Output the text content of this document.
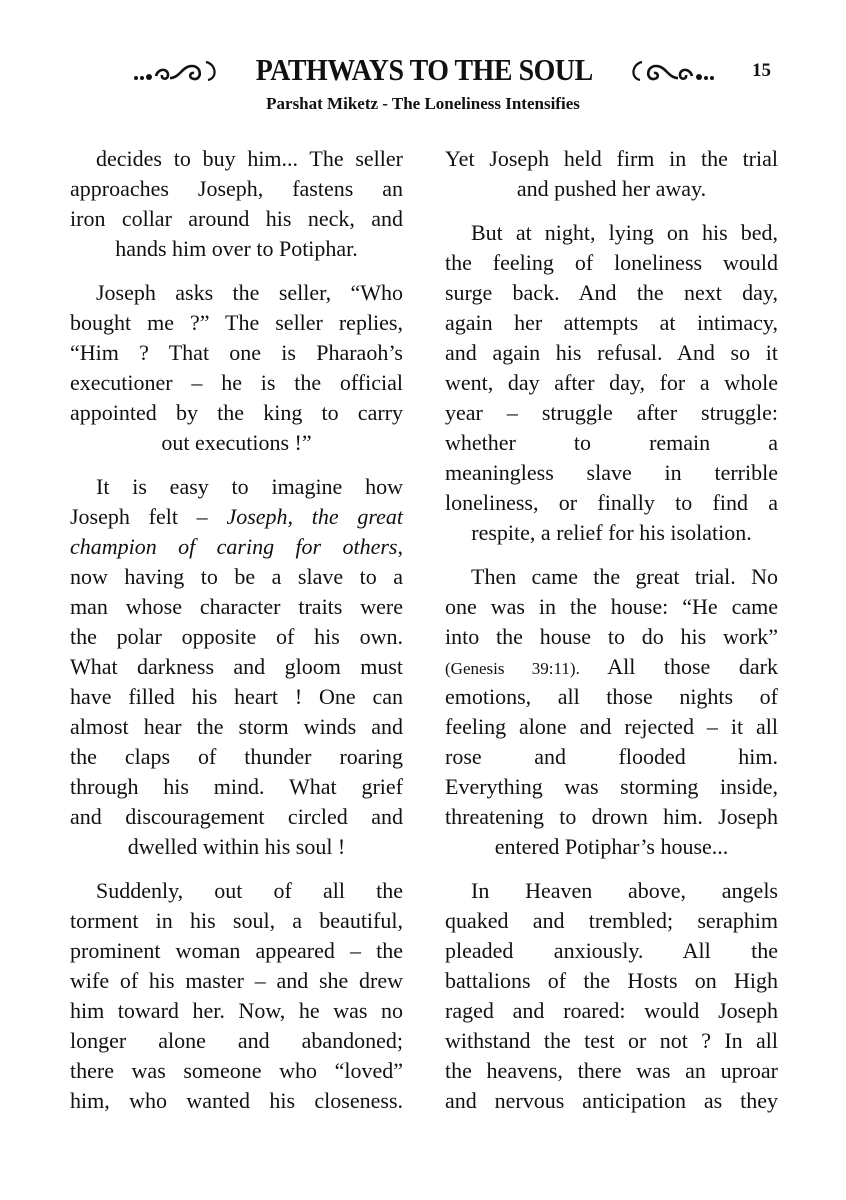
PATHWAYS TO THE SOUL	15
Parshat Miketz - The Loneliness Intensifies
decides to buy him... The seller
approaches Joseph, fastens an
iron collar around his neck, and
hands him over to Potiphar.
Joseph asks the seller, “Who
bought me ?” The seller replies,
“Him ? That one is Pharaoh’s
executioner – he is the official
appointed by the king to carry
out executions !”
It is easy to imagine how
Joseph felt – Joseph, the great
champion of caring for others,
now having to be a slave to a
man whose character traits were
the polar opposite of his own.
What darkness and gloom must
have filled his heart ! One can
almost hear the storm winds and
the claps of thunder roaring
through his mind. What grief
and discouragement circled and
dwelled within his soul !
Suddenly, out of all the
torment in his soul, a beautiful,
prominent woman appeared – the
wife of his master – and she drew
him toward her. Now, he was no
longer alone and abandoned;
there was someone who “loved”
him, who wanted his closeness.
Yet Joseph held firm in the trial
and pushed her away.
But at night, lying on his bed,
the feeling of loneliness would
surge back. And the next day,
again her attempts at intimacy,
and again his refusal. And so it
went, day after day, for a whole
year – struggle after struggle:
whether to remain a
meaningless slave in terrible
loneliness, or finally to find a
respite, a relief for his isolation.
Then came the great trial. No
one was in the house: “He came
into the house to do his work”
(Genesis 39:11). All those dark
emotions, all those nights of
feeling alone and rejected – it all
rose and flooded him.
Everything was storming inside,
threatening to drown him. Joseph
entered Potiphar’s house...
In Heaven above, angels
quaked and trembled; seraphim
pleaded anxiously. All the
battalions of the Hosts on High
raged and roared: would Joseph
withstand the test or not ? In all
the heavens, there was an uproar
and nervous anticipation as they
